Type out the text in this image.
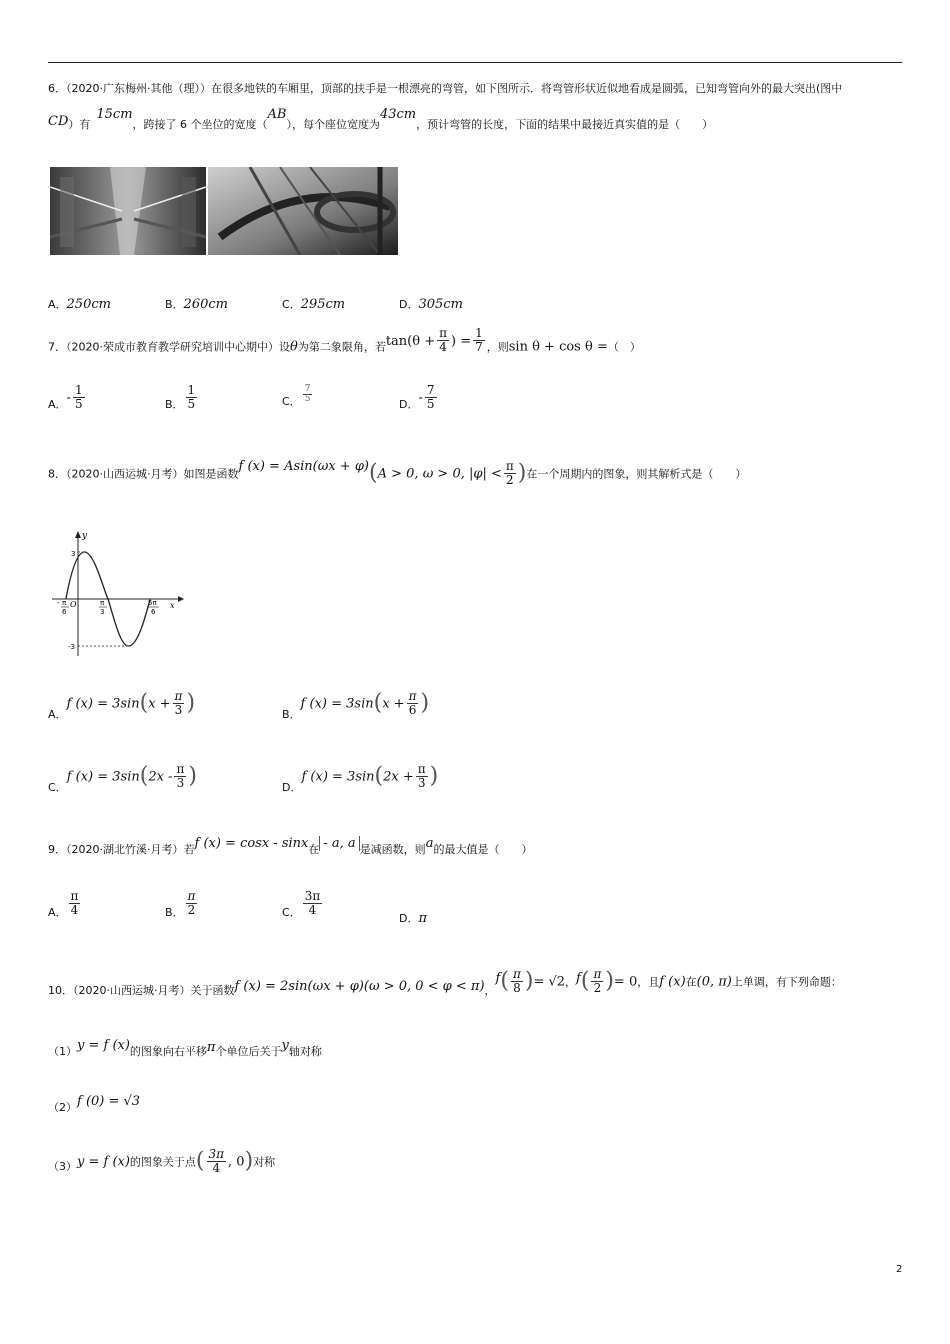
6．（2020·广东梅州·其他（理））在很多地铁的车厢里，顶部的扶手是一根漂亮的弯管，如下图所示．将弯管形状近似地看成是圆弧，已知弯管向外的最大突出(图中
CD）有$^{15cm}$，跨接了 6 个坐位的宽度（$^{AB}$），每个座位宽度为$^{43cm}$，预计弯管的长度，下面的结果中最接近真实值的是（　　）
A．250cm	B．260cm	C．295cm	D．305cm
7．（2020·荣成市教育教学研究培训中心期中）设θ为第二象限角，若$^{tan(\theta +} \frac{\pi}{4} ^{) =} \frac{1}{7}$ ，则sin θ + cos θ =（　）
$_{A.}- \frac{1}{5}$	$_{B.} \frac{1}{5}$	$_{C.} \frac{7}{5}$	$_{D.}- \frac{7}{5}$
8．（2020·山西运城·月考）如图是函数$^{f (x) = Asin(\omega x + \varphi)}$(A > 0, ω > 0, $|\varphi| < \frac{\pi}{2}$ )在一个周期内的图象，则其解析式是（　　）
y
x
O
3
-3
- π
6
π
3
5π
6
$_{A.}$f $(x) = 3\sin(x + \frac{\pi}{3}$ )	$_{B.}$f $(x) = 3\sin(x + \frac{\pi}{6}$ )
$_{C.}$f $(x) = 3\sin(2x - \frac{\pi}{3}$ )	$_{D.}$f $(x) = 3\sin(2x + \frac{\pi}{3}$ )
9．（2020·湖北竹溪·月考）若$^{f (x) = cosx - sinx}$在 $^{- a, a}$ 是减函数，则$^a$的最大值是（　　）
$_{A.} \frac{\pi}{4}$	$_{B.} \frac{\pi}{2}$	$_{C.} \frac{3\pi}{4}$
D．π
$_{10.(2020\cdot 山西运城\cdot 月考)关于函数f (x) = 2sin(\omega x + \varphi)(\omega > 0, 0 < \varphi < \pi),}^f( \frac{\pi}{8}$ )= √2，$^f( \frac{\pi}{2}$ )= 0，且f (x)在(0, π)上单调，有下列命题：
$(1)^{y = f (x)}$的图象向右平移$^\pi$个单位后关于$^y$轴对称
$(2)^{f (0) = √3}$
$_{(3)}$y = f (x)的图象关于点( $\frac{3\pi}{4}$ , 0)对称
2
